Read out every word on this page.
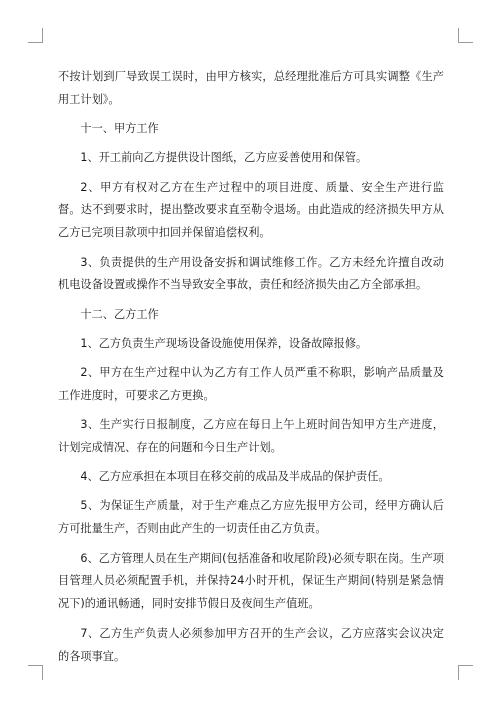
不按计划到厂导致误工误时，由甲方核实，总经理批准后方可具实调整《生产用工计划》。

十一、甲方工作

1、开工前向乙方提供设计图纸，乙方应妥善使用和保管。

2、甲方有权对乙方在生产过程中的项目进度、质量、安全生产进行监督。达不到要求时，提出整改要求直至勒令退场。由此造成的经济损失甲方从乙方已完项目款项中扣回并保留追偿权利。

3、负责提供的生产用设备安拆和调试维修工作。乙方未经允许擅自改动机电设备设置或操作不当导致安全事故，责任和经济损失由乙方全部承担。

十二、乙方工作

1、乙方负责生产现场设备设施使用保养，设备故障报修。

2、甲方在生产过程中认为乙方有工作人员严重不称职，影响产品质量及工作进度时，可要求乙方更换。

3、生产实行日报制度，乙方应在每日上午上班时间告知甲方生产进度，计划完成情况、存在的问题和今日生产计划。

4、乙方应承担在本项目在移交前的成品及半成品的保护责任。

5、为保证生产质量，对于生产难点乙方应先报甲方公司，经甲方确认后方可批量生产，否则由此产生的一切责任由乙方负责。

6、乙方管理人员在生产期间(包括准备和收尾阶段)必须专职在岗。生产项目管理人员必须配置手机，并保持24小时开机，保证生产期间(特别是紧急情况下)的通讯畅通，同时安排节假日及夜间生产值班。

7、乙方生产负责人必须参加甲方召开的生产会议，乙方应落实会议决定的各项事宜。
